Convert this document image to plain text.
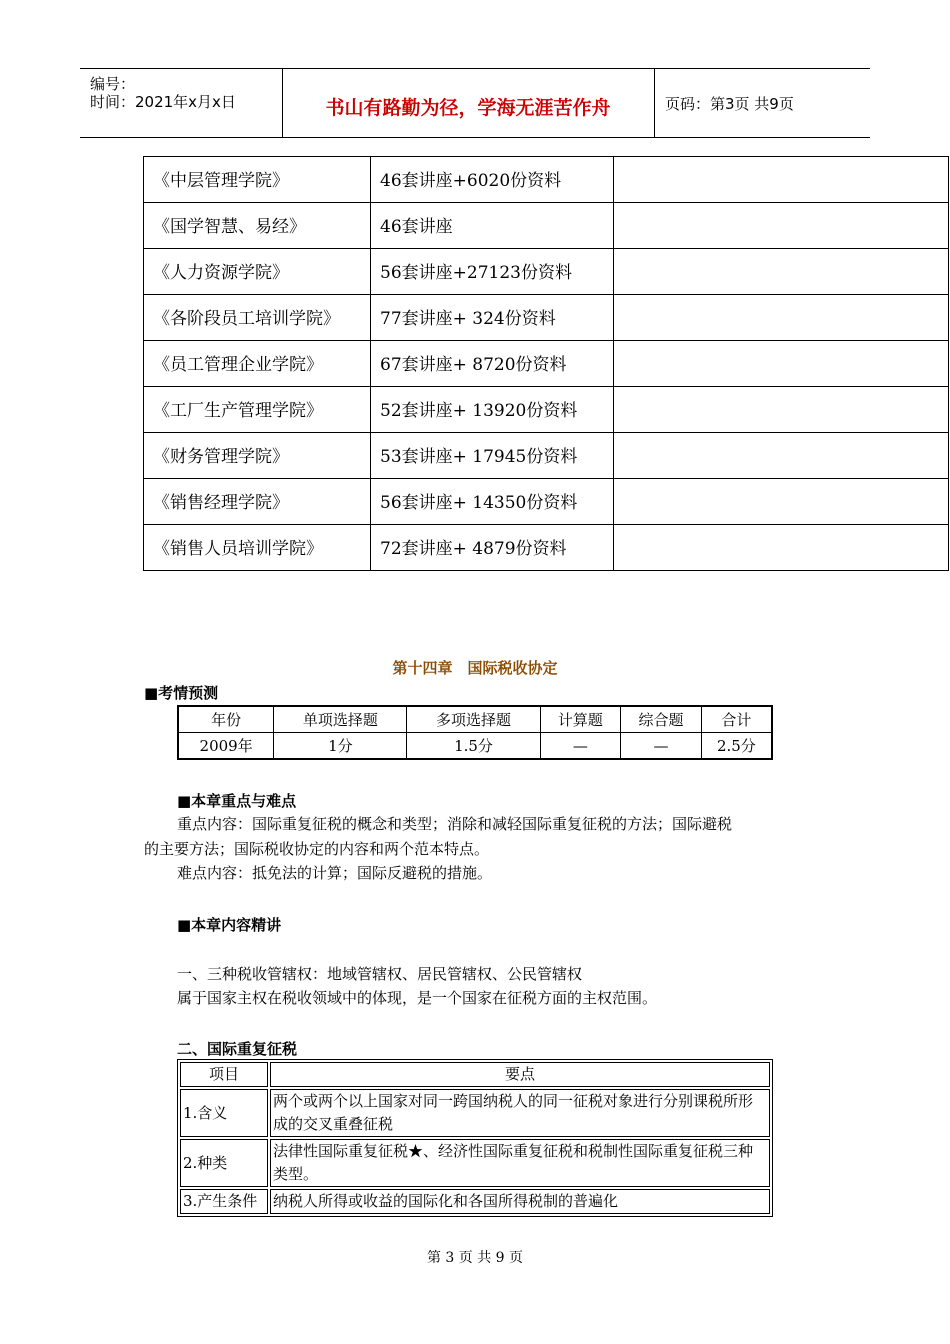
编号：
时间：2021年x月x日	书山有路勤为径，学海无涯苦作舟	页码：第3页 共9页
《中层管理学院》	46套讲座+6020份资料	
《国学智慧、易经》	46套讲座	
《人力资源学院》	56套讲座+27123份资料	
《各阶段员工培训学院》	77套讲座+ 324份资料	
《员工管理企业学院》	67套讲座+ 8720份资料	
《工厂生产管理学院》	52套讲座+ 13920份资料	
《财务管理学院》	53套讲座+ 17945份资料	
《销售经理学院》	56套讲座+ 14350份资料	
《销售人员培训学院》	72套讲座+ 4879份资料	
第十四章　国际税收协定
■考情预测
年份	单项选择题	多项选择题	计算题	综合题	合计
2009年	1分	1.5分	—	—	2.5分
■本章重点与难点
重点内容：国际重复征税的概念和类型；消除和减轻国际重复征税的方法；国际避税
的主要方法；国际税收协定的内容和两个范本特点。
难点内容：抵免法的计算；国际反避税的措施。
■本章内容精讲
一、三种税收管辖权：地域管辖权、居民管辖权、公民管辖权
属于国家主权在税收领域中的体现，是一个国家在征税方面的主权范围。
二、国际重复征税
项目	要点
1.含义	两个或两个以上国家对同一跨国纳税人的同一征税对象进行分别课税所形成的交叉重叠征税
2.种类	法律性国际重复征税★、经济性国际重复征税和税制性国际重复征税三种类型。
3.产生条件	纳税人所得或收益的国际化和各国所得税制的普遍化
第 3 页 共 9 页
